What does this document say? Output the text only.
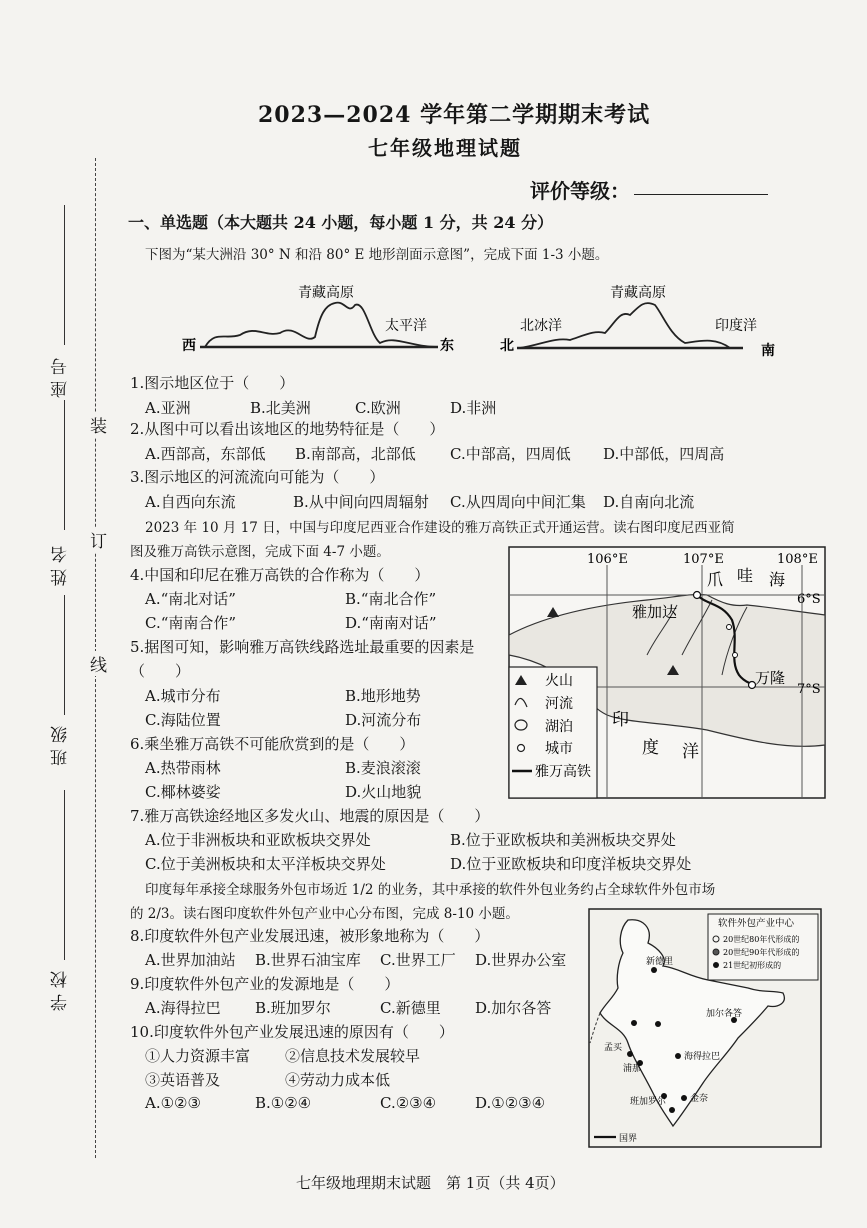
2023—2024 学年第二学期期末考试
七年级地理试题
评价等级：
装
订
线
座号
姓名
班级
学校
一、单选题（本大题共 24 小题，每小题 1 分，共 24 分）
下图为“某大洲沿 30° N 和沿 80° E 地形剖面示意图”，完成下面 1-3 小题。
青藏高原
太平洋
西	东
青藏高原
北冰洋	印度洋
北	南
1.图示地区位于（　　）
A.亚洲	B.北美洲	C.欧洲	D.非洲
2.从图中可以看出该地区的地势特征是（　　）
A.西部高，东部低 B.南部高，北部低 C.中部高，四周低 D.中部低，四周高
3.图示地区的河流流向可能为（　　）
A.自西向东流	B.从中间向四周辐射 C.从四周向中间汇集 D.自南向北流
2023 年 10 月 17 日，中国与印度尼西亚合作建设的雅万高铁正式开通运营。读右图印度尼西亚简
图及雅万高铁示意图，完成下面 4-7 小题。
4.中国和印尼在雅万高铁的合作称为（　　）
A.“南北对话”	B.“南北合作”
C.“南南合作”	D.“南南对话”
5.据图可知，影响雅万高铁线路选址最重要的因素是
（　　）
A.城市分布	B.地形地势
C.海陆位置	D.河流分布
6.乘坐雅万高铁不可能欣赏到的是（　　）
A.热带雨林	B.麦浪滚滚
C.椰林婆娑	D.火山地貌
7.雅万高铁途经地区多发火山、地震的原因是（　　）
A.位于非洲板块和亚欧板块交界处	B.位于亚欧板块和美洲板块交界处
C.位于美洲板块和太平洋板块交界处	D.位于亚欧板块和印度洋板块交界处
106°E	107°E	108°E
6°S
7°S
爪 哇 海
雅加达
万隆
印
度 洋
火山
河流
湖泊
城市
雅万高铁
印度每年承接全球服务外包市场近 1/2 的业务，其中承接的软件外包业务约占全球软件外包市场
的 2/3。读右图印度软件外包产业中心分布图，完成 8-10 小题。
8.印度软件外包产业发展迅速，被形象地称为（　　）
A.世界加油站 B.世界石油宝库 C.世界工厂 D.世界办公室
9.印度软件外包产业的发源地是（　　）
A.海得拉巴 B.班加罗尔	C.新德里 D.加尔各答
10.印度软件外包产业发展迅速的原因有（　　）
①人力资源丰富 ②信息技术发展较早
③英语普及	④劳动力成本低
A.①②③	B.①②④	C.②③④	D.①②③④
软件外包产业中心
20世纪80年代形成的
20世纪90年代形成的
21世纪初形成的
新德里
加尔各答
孟买
浦那
海得拉巴
班加罗尔	金奈
国界
七年级地理期末试题　第 1页（共 4页）
